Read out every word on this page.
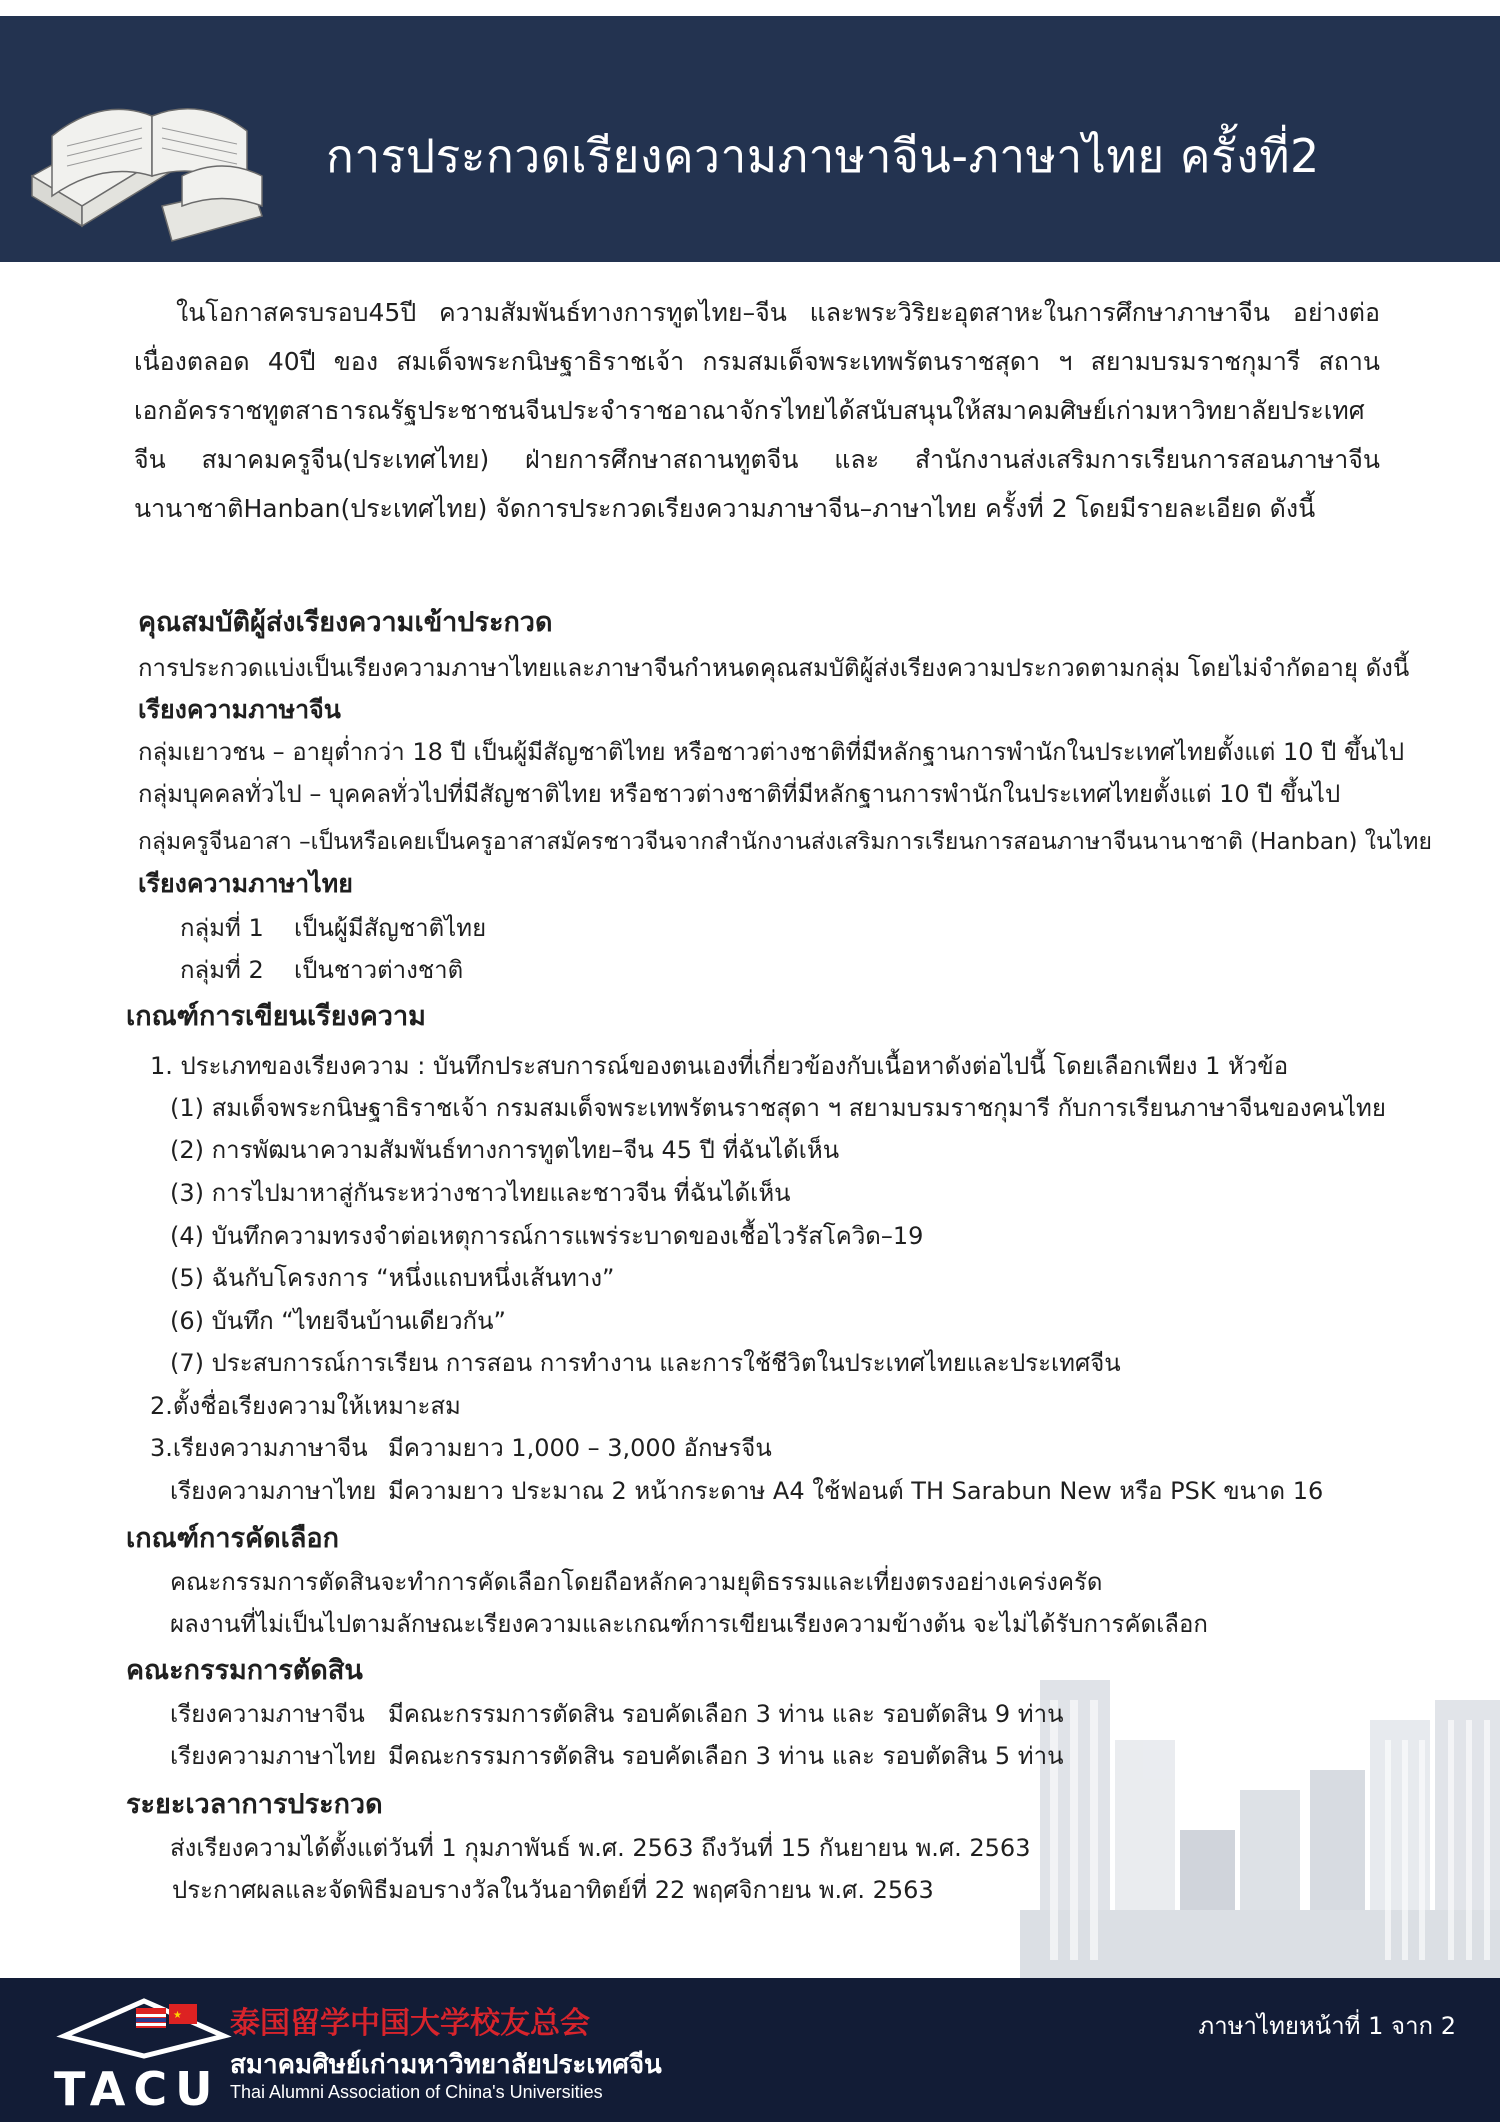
การประกวดเรียงความภาษาจีน-ภาษาไทย ครั้งที่2
ในโอกาสครบรอบ45ปี ความสัมพันธ์ทางการทูตไทย–จีน และพระวิริยะอุตสาหะในการศึกษาภาษาจีน อย่างต่อเนื่องตลอด 40ปี ของ สมเด็จพระกนิษฐาธิราชเจ้า กรมสมเด็จพระเทพรัตนราชสุดา ฯ สยามบรมราชกุมารี สถานเอกอัครราชทูตสาธารณรัฐประชาชนจีนประจำราชอาณาจักรไทยได้สนับสนุนให้สมาคมศิษย์เก่ามหาวิทยาลัยประเทศจีน สมาคมครูจีน(ประเทศไทย) ฝ่ายการศึกษาสถานทูตจีน และ สำนักงานส่งเสริมการเรียนการสอนภาษาจีนนานาชาติHanban(ประเทศไทย) จัดการประกวดเรียงความภาษาจีน–ภาษาไทย ครั้งที่ 2 โดยมีรายละเอียด ดังนี้
คุณสมบัติผู้ส่งเรียงความเข้าประกวด
การประกวดแบ่งเป็นเรียงความภาษาไทยและภาษาจีนกำหนดคุณสมบัติผู้ส่งเรียงความประกวดตามกลุ่ม โดยไม่จำกัดอายุ ดังนี้
เรียงความภาษาจีน
กลุ่มเยาวชน – อายุต่ำกว่า 18 ปี เป็นผู้มีสัญชาติไทย หรือชาวต่างชาติที่มีหลักฐานการพำนักในประเทศไทยตั้งแต่ 10 ปี ขึ้นไป
กลุ่มบุคคลทั่วไป – บุคคลทั่วไปที่มีสัญชาติไทย หรือชาวต่างชาติที่มีหลักฐานการพำนักในประเทศไทยตั้งแต่ 10 ปี ขึ้นไป
กลุ่มครูจีนอาสา –เป็นหรือเคยเป็นครูอาสาสมัครชาวจีนจากสำนักงานส่งเสริมการเรียนการสอนภาษาจีนนานาชาติ (Hanban) ในไทย
เรียงความภาษาไทย
กลุ่มที่ 1 เป็นผู้มีสัญชาติไทย
กลุ่มที่ 2 เป็นชาวต่างชาติ
เกณฑ์การเขียนเรียงความ
1. ประเภทของเรียงความ : บันทึกประสบการณ์ของตนเองที่เกี่ยวข้องกับเนื้อหาดังต่อไปนี้ โดยเลือกเพียง 1 หัวข้อ
(1) สมเด็จพระกนิษฐาธิราชเจ้า กรมสมเด็จพระเทพรัตนราชสุดา ฯ สยามบรมราชกุมารี กับการเรียนภาษาจีนของคนไทย
(2) การพัฒนาความสัมพันธ์ทางการทูตไทย–จีน 45 ปี ที่ฉันได้เห็น
(3) การไปมาหาสู่กันระหว่างชาวไทยและชาวจีน ที่ฉันได้เห็น
(4) บันทึกความทรงจำต่อเหตุการณ์การแพร่ระบาดของเชื้อไวรัสโควิด–19
(5) ฉันกับโครงการ “หนึ่งแถบหนึ่งเส้นทาง”
(6) บันทึก “ไทยจีนบ้านเดียวกัน”
(7) ประสบการณ์การเรียน การสอน การทำงาน และการใช้ชีวิตในประเทศไทยและประเทศจีน
2.ตั้งชื่อเรียงความให้เหมาะสม
3.เรียงความภาษาจีน มีความยาว 1,000 – 3,000 อักษรจีน
เรียงความภาษาไทย มีความยาว ประมาณ 2 หน้ากระดาษ A4 ใช้ฟอนต์ TH Sarabun New หรือ PSK ขนาด 16
เกณฑ์การคัดเลือก
คณะกรรมการตัดสินจะทำการคัดเลือกโดยถือหลักความยุติธรรมและเที่ยงตรงอย่างเคร่งครัด
ผลงานที่ไม่เป็นไปตามลักษณะเรียงความและเกณฑ์การเขียนเรียงความข้างต้น จะไม่ได้รับการคัดเลือก
คณะกรรมการตัดสิน
เรียงความภาษาจีน มีคณะกรรมการตัดสิน รอบคัดเลือก 3 ท่าน และ รอบตัดสิน 9 ท่าน
เรียงความภาษาไทย มีคณะกรรมการตัดสิน รอบคัดเลือก 3 ท่าน และ รอบตัดสิน 5 ท่าน
ระยะเวลาการประกวด
ส่งเรียงความได้ตั้งแต่วันที่ 1 กุมภาพันธ์ พ.ศ. 2563 ถึงวันที่ 15 กันยายน พ.ศ. 2563
ประกาศผลและจัดพิธีมอบรางวัลในวันอาทิตย์ที่ 22 พฤศจิกายน พ.ศ. 2563
★
TACU
泰国留学中国大学校友总会
สมาคมศิษย์เก่ามหาวิทยาลัยประเทศจีน
Thai Alumni Association of China's Universities
ภาษาไทยหน้าที่ 1 จาก 2
